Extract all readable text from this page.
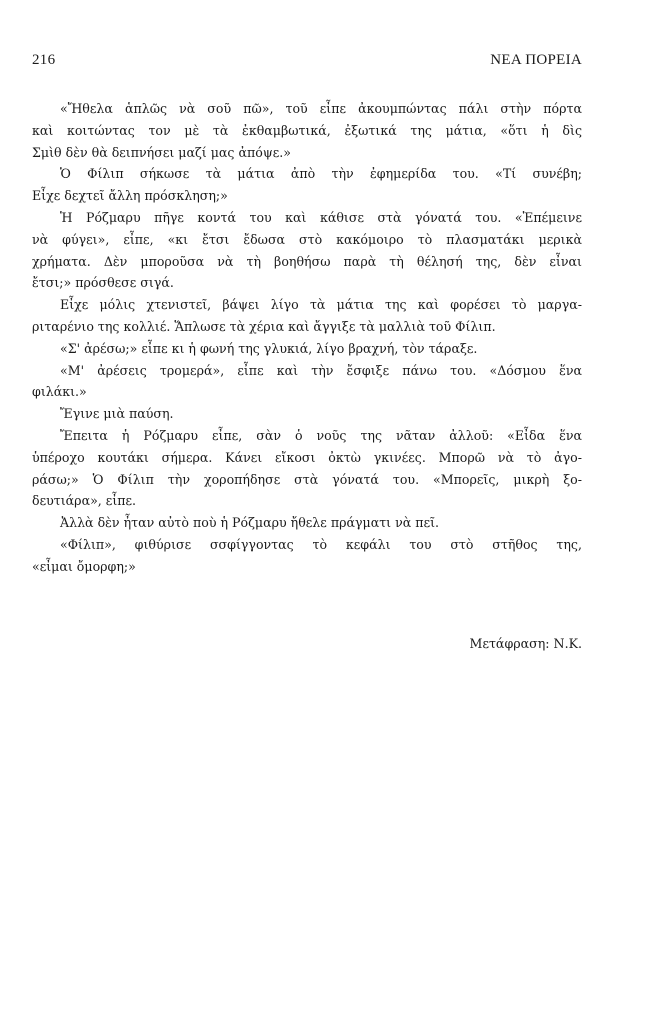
216	ΝΕΑ ΠΟΡΕΙΑ

«Ἤθελα ἁπλῶς νὰ σοῦ πῶ», τοῦ εἶπε ἀκουμπώντας πάλι στὴν πόρτα
καὶ κοιτώντας τον μὲ τὰ ἐκθαμβωτικά, ἐξωτικά της μάτια, «ὅτι ἡ δὶς
Σμὶθ δὲν θὰ δειπνήσει μαζί μας ἀπόψε.»

Ὁ Φίλιπ σήκωσε τὰ μάτια ἀπὸ τὴν ἐφημερίδα του. «Τί συνέβη;
Εἶχε δεχτεῖ ἄλλη πρόσκληση;»

Ἡ Ρόζμαρυ πῆγε κοντά του καὶ κάθισε στὰ γόνατά του. «Ἐπέμεινε
νὰ φύγει», εἶπε, «κι ἔτσι ἔδωσα στὸ κακόμοιρο τὸ πλασματάκι μερικὰ
χρήματα. Δὲν μποροῦσα νὰ τὴ βοηθήσω παρὰ τὴ θέλησή της, δὲν εἶναι
ἔτσι;» πρόσθεσε σιγά.

Εἶχε μόλις χτενιστεῖ, βάψει λίγο τὰ μάτια της καὶ φορέσει τὸ μαργα-
ριταρένιο της κολλιέ. Ἅπλωσε τὰ χέρια καὶ ἄγγιξε τὰ μαλλιὰ τοῦ Φίλιπ.

«Σ' ἀρέσω;» εἶπε κι ἡ φωνή της γλυκιά, λίγο βραχνή, τὸν τάραξε.

«Μ' ἀρέσεις τρομερά», εἶπε καὶ τὴν ἔσφιξε πάνω του. «Δόσμου ἕνα
φιλάκι.»

Ἔγινε μιὰ παύση.

Ἔπειτα ἡ Ρόζμαρυ εἶπε, σὰν ὁ νοῦς της νᾶταν ἀλλοῦ: «Εἶδα ἕνα
ὑπέροχο κουτάκι σήμερα. Κάνει εἴκοσι ὀκτὼ γκινέες. Μπορῶ νὰ τὸ ἀγο-
ράσω;» Ὁ Φίλιπ τὴν χοροπήδησε στὰ γόνατά του. «Μπορεῖς, μικρὴ ξο-
δευτιάρα», εἶπε.

Ἀλλὰ δὲν ἦταν αὐτὸ ποὺ ἡ Ρόζμαρυ ἤθελε πράγματι νὰ πεῖ.

«Φίλιπ», φιθύρισε σσφίγγοντας τὸ κεφάλι του στὸ στῆθος της,
«εἶμαι ὄμορφη;»

Μετάφραση: Ν.Κ.
